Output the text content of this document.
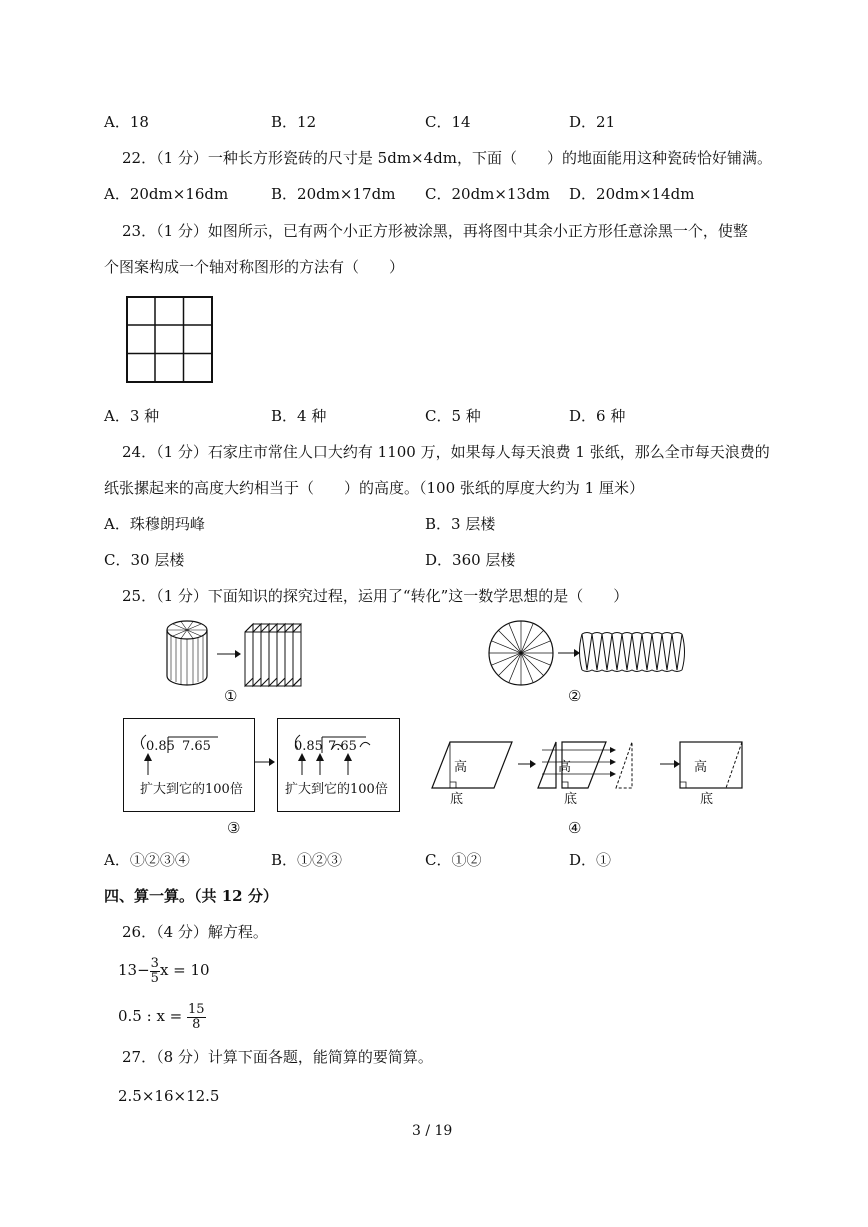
A．18	B．12	C．14	D．21
22．（1 分）一种长方形瓷砖的尺寸是 5dm×4dm，下面（　　）的地面能用这种瓷砖恰好铺满。
A．20dm×16dm	B．20dm×17dm C．20dm×13dm D．20dm×14dm
23．（1 分）如图所示，已有两个小正方形被涂黑，再将图中其余小正方形任意涂黑一个，使整
个图案构成一个轴对称图形的方法有（　　）
A．3 种	B．4 种	C．5 种	D．6 种
24．（1 分）石家庄市常住人口大约有 1100 万，如果每人每天浪费 1 张纸，那么全市每天浪费的
纸张摞起来的高度大约相当于（　　）的高度。（100 张纸的厚度大约为 1 厘米）
A．珠穆朗玛峰	B．3 层楼
C．30 层楼	D．360 层楼
25．（1 分）下面知识的探究过程，运用了“转化”这一数学思想的是（　　）
①	②
0.85 7.65
扩大到它的100倍
0.85 7.65
扩大到它的100倍
③
高
底
高
底
高
底
④
A．①②③④	B．①②③	C．①②	D．①
四、算一算。（共 12 分）
26．（4 分）解方程。
$13- \frac{3}{5}$ x = 10
0.5 : $x = \frac{15}{8}$
27．（8 分）计算下面各题，能简算的要简算。
2.5×16×12.5
3 / 19
